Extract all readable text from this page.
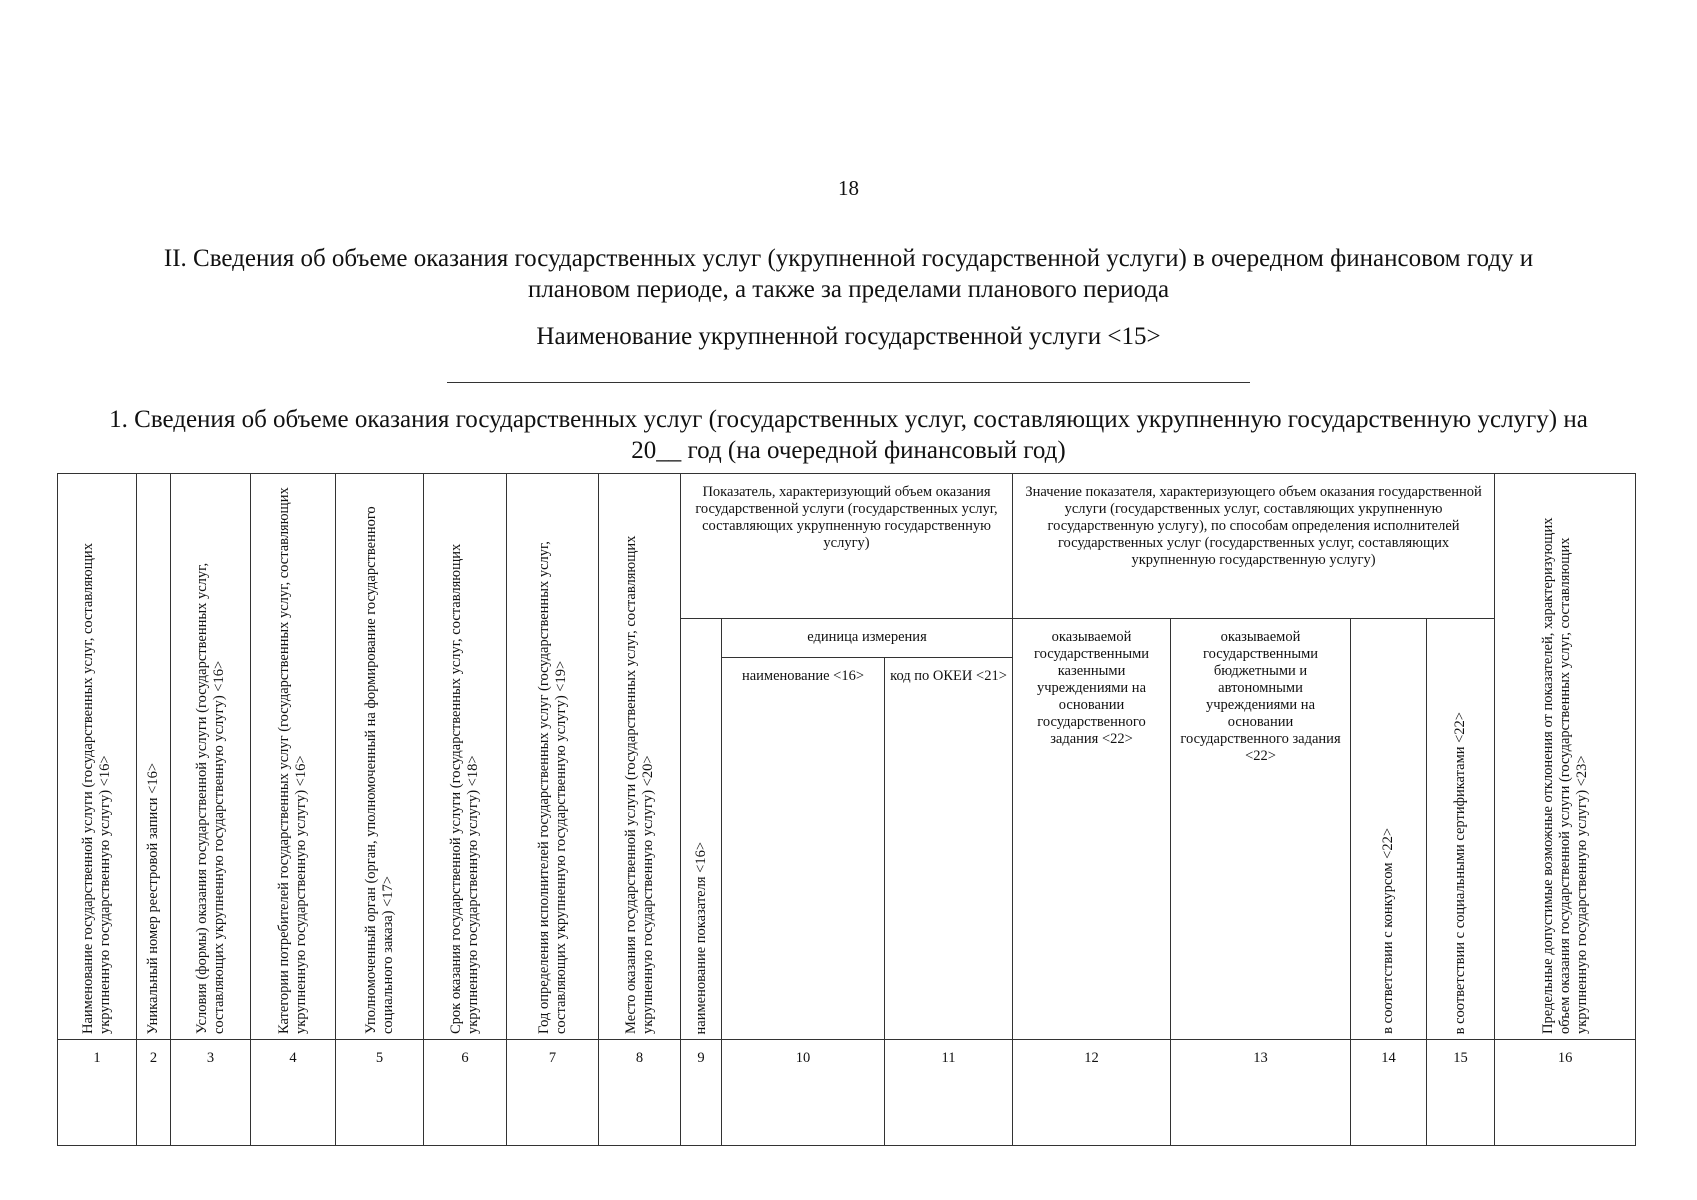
18
II. Сведения об объеме оказания государственных услуг (укрупненной государственной услуги) в очередном финансовом году и плановом периоде, а также за пределами планового периода
Наименование укрупненной государственной услуги <15>
1. Сведения об объеме оказания государственных услуг (государственных услуг, составляющих укрупненную государственную услугу) на 20__ год (на очередной финансовый год)
Наименование государственной услуги (государственных услуг, составляющих укрупненную государственную услугу) <16>	Уникальный номер реестровой записи <16>	Условия (формы) оказания государственной услуги (государственных услуг, составляющих укрупненную государственную услугу) <16>	Категории потребителей государственных услуг (государственных услуг, составляющих укрупненную государственную услугу) <16>	Уполномоченный орган (орган, уполномоченный на формирование государственного социального заказа) <17>	Срок оказания государственной услуги (государственных услуг, составляющих укрупненную государственную услугу) <18>	Год определения исполнителей государственных услуг (государственных услуг, составляющих укрупненную государственную услугу) <19>	Место оказания государственной услуги (государственных услуг, составляющих укрупненную государственную услугу) <20>	Показатель, характеризующий объем оказания государственной услуги (государственных услуг, составляющих укрупненную государственную услугу)			Значение показателя, характеризующего объем оказания государственной услуги (государственных услуг, составляющих укрупненную государственную услугу), по способам определения исполнителей государственных услуг (государственных услуг, составляющих укрупненную государственную услугу)				Предельные допустимые возможные отклонения от показателей, характеризующих объем оказания государственной услуги (государственных услуг, составляющих укрупненную государственную услугу) <23>
								наименование показателя <16>	единица измерения		оказываемой государственными казенными учреждениями на основании государственного задания <22>	оказываемой государственными бюджетными и автономными учреждениями на основании государственного задания <22>	в соответствии с конкурсом <22>	в соответствии с социальными сертификатами <22>	
									наименование <16>	код по ОКЕИ <21>					
1	2	3	4	5	6	7	8	9	10	11	12	13	14	15	16
